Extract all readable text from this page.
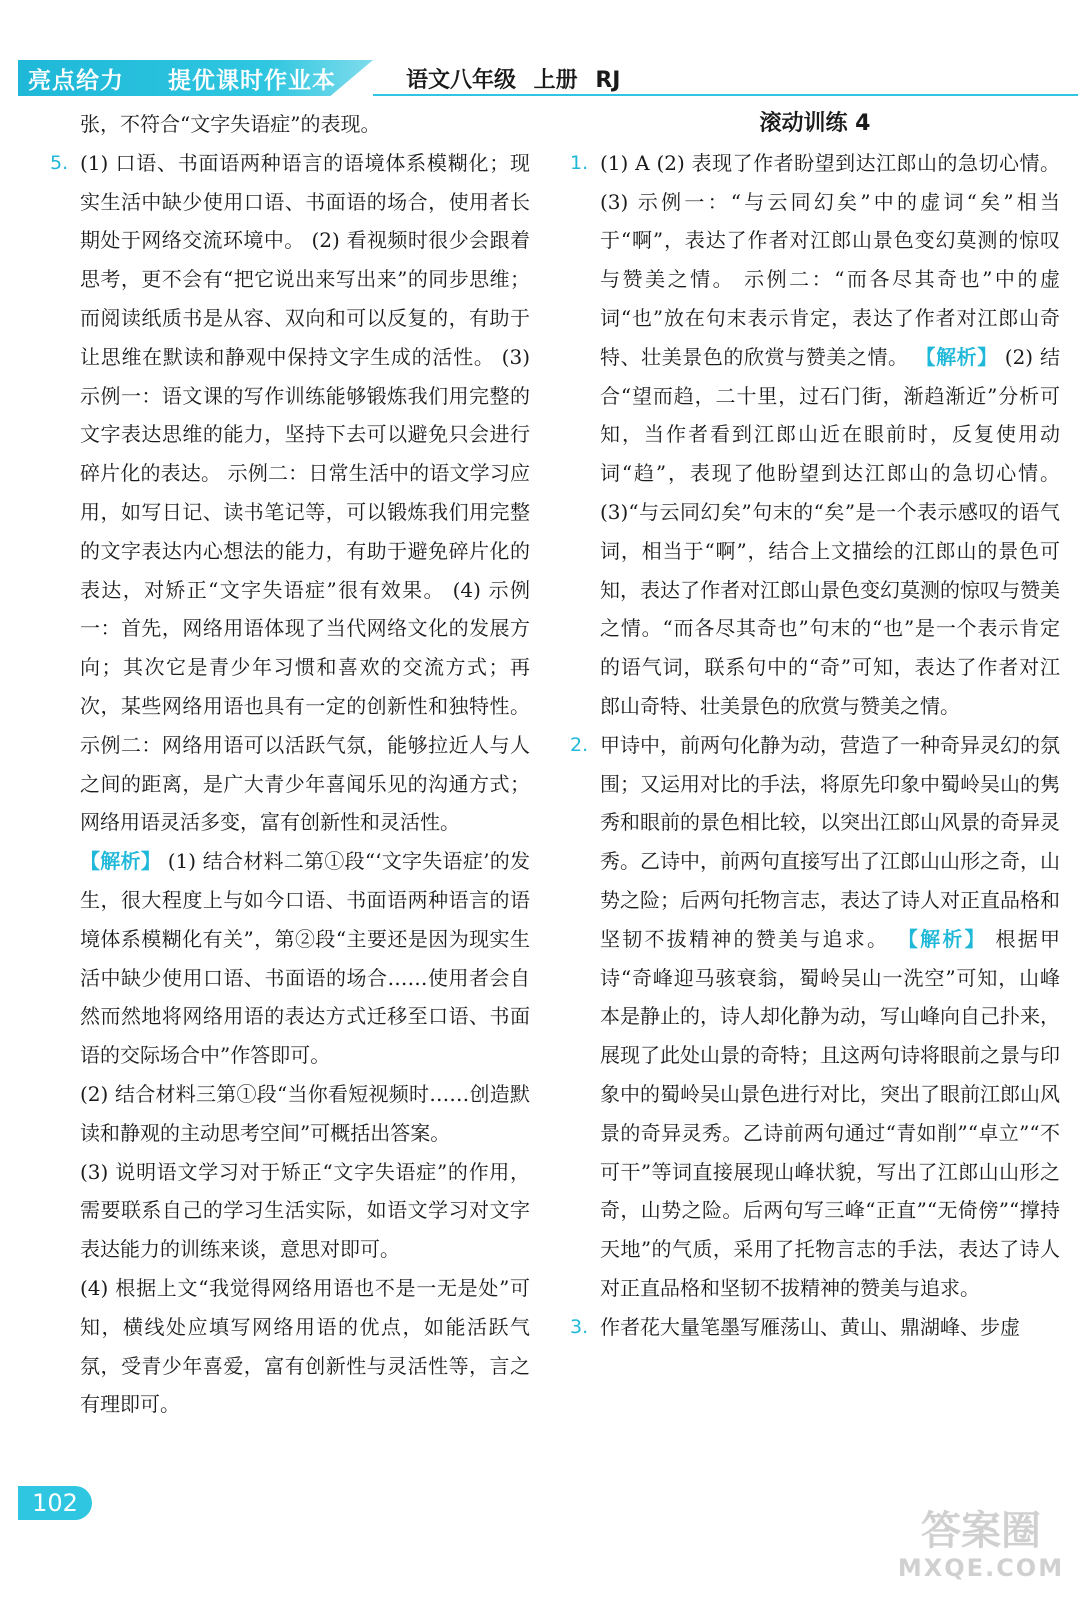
亮点给力 提优课时作业本	语文八年级 上册 RJ

张，不符合“文字失语症”的表现。

5. (1) 口语、书面语两种语言的语境体系模糊化；现实生活中缺少使用口语、书面语的场合，使用者长期处于网络交流环境中。 (2) 看视频时很少会跟着思考，更不会有“把它说出来写出来”的同步思维；而阅读纸质书是从容、双向和可以反复的，有助于让思维在默读和静观中保持文字生成的活性。 (3) 示例一：语文课的写作训练能够锻炼我们用完整的文字表达思维的能力，坚持下去可以避免只会进行碎片化的表达。 示例二：日常生活中的语文学习应用，如写日记、读书笔记等，可以锻炼我们用完整的文字表达内心想法的能力，有助于避免碎片化的表达，对矫正“文字失语症”很有效果。 (4) 示例一：首先，网络用语体现了当代网络文化的发展方向；其次它是青少年习惯和喜欢的交流方式；再次，某些网络用语也具有一定的创新性和独特性。 示例二：网络用语可以活跃气氛，能够拉近人与人之间的距离，是广大青少年喜闻乐见的沟通方式；网络用语灵活多变，富有创新性和灵活性。
【解析】 (1) 结合材料二第①段“‘文字失语症’的发生，很大程度上与如今口语、书面语两种语言的语境体系模糊化有关”，第②段“主要还是因为现实生活中缺少使用口语、书面语的场合……使用者会自然而然地将网络用语的表达方式迁移至口语、书面语的交际场合中”作答即可。

(2) 结合材料三第①段“当你看短视频时……创造默读和静观的主动思考空间”可概括出答案。

(3) 说明语文学习对于矫正“文字失语症”的作用，需要联系自己的学习生活实际，如语文学习对文字表达能力的训练来谈，意思对即可。

(4) 根据上文“我觉得网络用语也不是一无是处”可知，横线处应填写网络用语的优点，如能活跃气氛，受青少年喜爱，富有创新性与灵活性等，言之有理即可。

滚动训练 4

1. (1) A (2) 表现了作者盼望到达江郎山的急切心情。 (3) 示例一：“与云同幻矣”中的虚词“矣”相当于“啊”，表达了作者对江郎山景色变幻莫测的惊叹与赞美之情。 示例二：“而各尽其奇也”中的虚词“也”放在句末表示肯定，表达了作者对江郎山奇特、壮美景色的欣赏与赞美之情。 【解析】 (2) 结合“望而趋，二十里，过石门街，渐趋渐近”分析可知，当作者看到江郎山近在眼前时，反复使用动词“趋”，表现了他盼望到达江郎山的急切心情。 (3)“与云同幻矣”句末的“矣”是一个表示感叹的语气词，相当于“啊”，结合上文描绘的江郎山的景色可知，表达了作者对江郎山景色变幻莫测的惊叹与赞美之情。“而各尽其奇也”句末的“也”是一个表示肯定的语气词，联系句中的“奇”可知，表达了作者对江郎山奇特、壮美景色的欣赏与赞美之情。
2. 甲诗中，前两句化静为动，营造了一种奇异灵幻的氛围；又运用对比的手法，将原先印象中蜀岭吴山的隽秀和眼前的景色相比较，以突出江郎山风景的奇异灵秀。乙诗中，前两句直接写出了江郎山山形之奇，山势之险；后两句托物言志，表达了诗人对正直品格和坚韧不拔精神的赞美与追求。 【解析】 根据甲诗“奇峰迎马骇衰翁，蜀岭吴山一洗空”可知，山峰本是静止的，诗人却化静为动，写山峰向自己扑来，展现了此处山景的奇特；且这两句诗将眼前之景与印象中的蜀岭吴山景色进行对比，突出了眼前江郎山风景的奇异灵秀。乙诗前两句通过“青如削”“卓立”“不可干”等词直接展现山峰状貌，写出了江郎山山形之奇，山势之险。后两句写三峰“正直”“无倚傍”“撑持天地”的气质，采用了托物言志的手法，表达了诗人对正直品格和坚韧不拔精神的赞美与追求。
3. 作者花大量笔墨写雁荡山、黄山、鼎湖峰、步虚
102
答案圈
MXQE.COM
